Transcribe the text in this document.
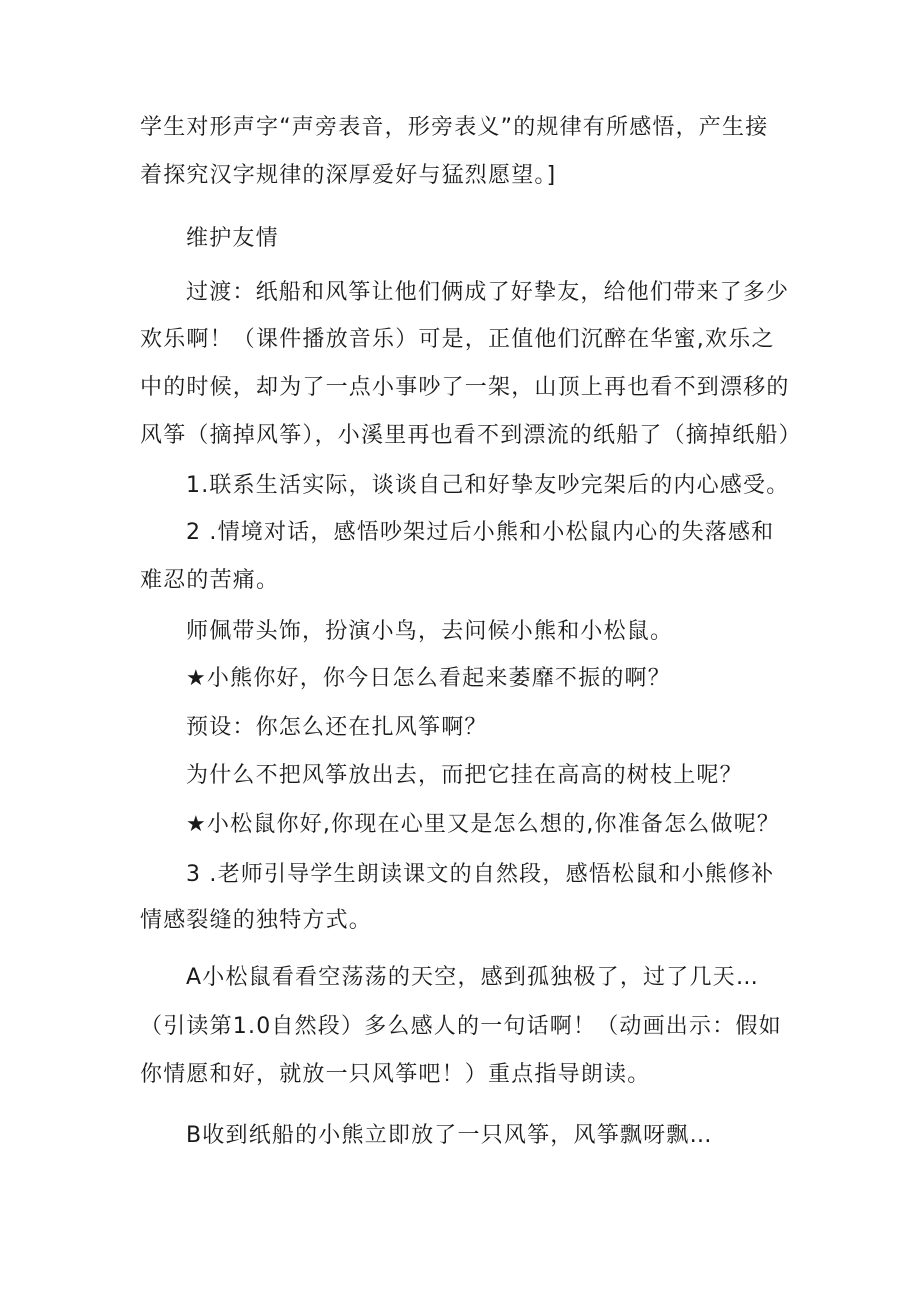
学生对形声字“声旁表音，形旁表义”的规律有所感悟，产生接
着探究汉字规律的深厚爱好与猛烈愿望。]
维护友情
过渡：纸船和风筝让他们俩成了好挚友，给他们带来了多少
欢乐啊！（课件播放音乐）可是，正值他们沉醉在华蜜,欢乐之
中的时候，却为了一点小事吵了一架，山顶上再也看不到漂移的
风筝（摘掉风筝），小溪里再也看不到漂流的纸船了（摘掉纸船）
1.联系生活实际，谈谈自己和好挚友吵完架后的内心感受。
2 .情境对话，感悟吵架过后小熊和小松鼠内心的失落感和
难忍的苦痛。
师佩带头饰，扮演小鸟，去问候小熊和小松鼠。
★小熊你好，你今日怎么看起来萎靡不振的啊？
预设：你怎么还在扎风筝啊？
为什么不把风筝放出去，而把它挂在高高的树枝上呢？
★小松鼠你好,你现在心里又是怎么想的,你准备怎么做呢？
3 .老师引导学生朗读课文的自然段，感悟松鼠和小熊修补
情感裂缝的独特方式。
A小松鼠看看空荡荡的天空，感到孤独极了，过了几天…
（引读第1.0自然段）多么感人的一句话啊！（动画出示：假如
你情愿和好，就放一只风筝吧！）重点指导朗读。
B收到纸船的小熊立即放了一只风筝，风筝飘呀飘…
